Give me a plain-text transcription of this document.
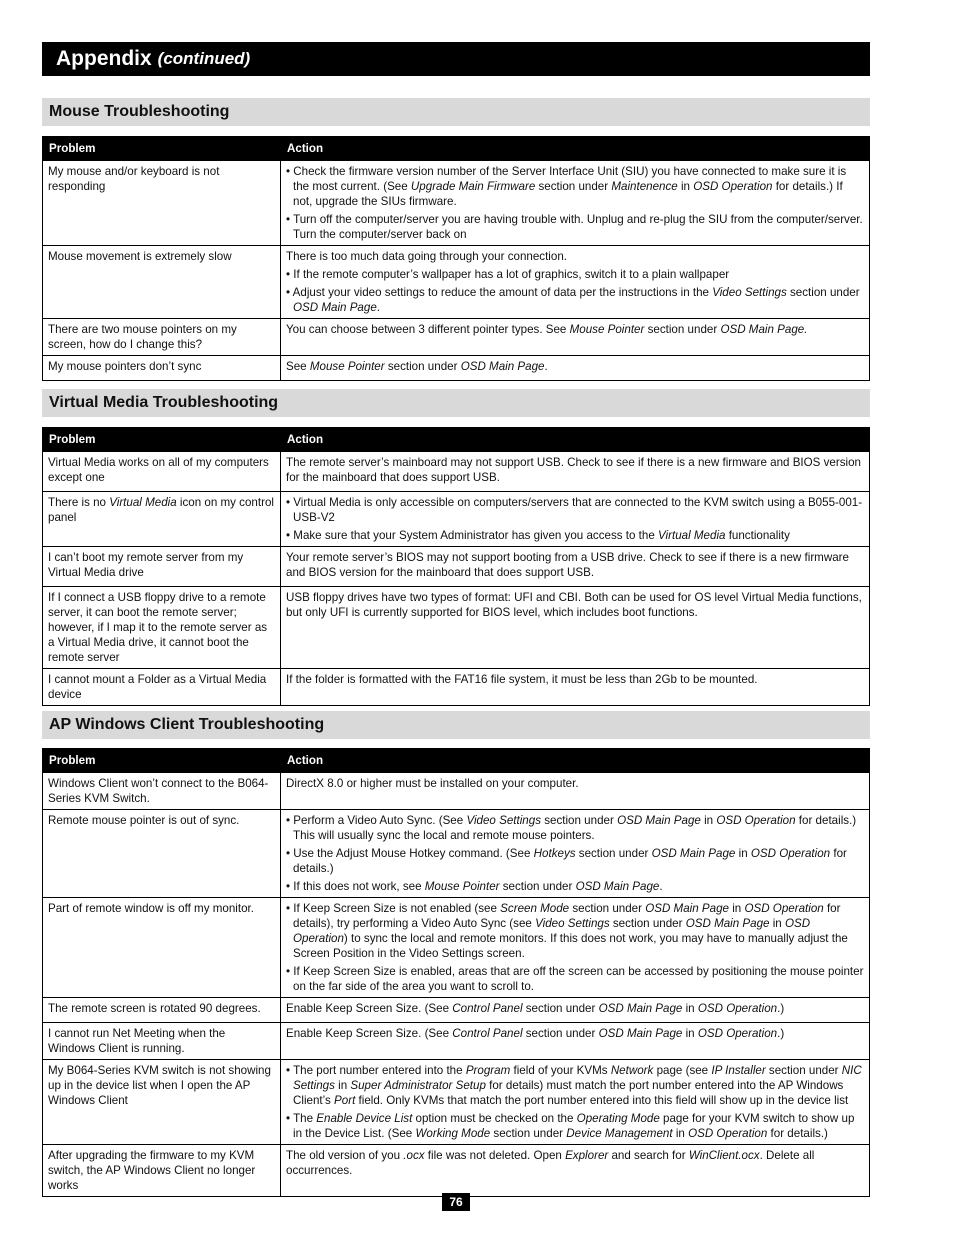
Appendix (continued)
Mouse Troubleshooting
Problem	Action
My mouse and/or keyboard is not responding	• Check the firmware version number of the Server Interface Unit (SIU) you have connected to make sure it is the most current. (See Upgrade Main Firmware section under Maintenence in OSD Operation for details.) If not, upgrade the SIUs firmware.
• Turn off the computer/server you are having trouble with. Unplug and re-plug the SIU from the computer/server. Turn the computer/server back on

Mouse movement is extremely slow	There is too much data going through your connection.
• If the remote computer’s wallpaper has a lot of graphics, switch it to a plain wallpaper
• Adjust your video settings to reduce the amount of data per the instructions in the Video Settings section under OSD Main Page.

There are two mouse pointers on my screen, how do I change this?	You can choose between 3 different pointer types. See Mouse Pointer section under OSD Main Page.

My mouse pointers don’t sync	See Mouse Pointer section under OSD Main Page.
Virtual Media Troubleshooting
Problem	Action
Virtual Media works on all of my computers except one	The remote server’s mainboard may not support USB. Check to see if there is a new firmware and BIOS version for the mainboard that does support USB.

There is no Virtual Media icon on my control panel	• Virtual Media is only accessible on computers/servers that are connected to the KVM switch using a B055-001-USB-V2
• Make sure that your System Administrator has given you access to the Virtual Media functionality

I can’t boot my remote server from my Virtual Media drive	Your remote server’s BIOS may not support booting from a USB drive. Check to see if there is a new firmware and BIOS version for the mainboard that does support USB.

If I connect a USB floppy drive to a remote server, it can boot the remote server; however, if I map it to the remote server as a Virtual Media drive, it cannot boot the remote server	USB floppy drives have two types of format: UFI and CBI. Both can be used for OS level Virtual Media functions, but only UFI is currently supported for BIOS level, which includes boot functions.

I cannot mount a Folder as a Virtual Media device	If the folder is formatted with the FAT16 file system, it must be less than 2Gb to be mounted.
AP Windows Client Troubleshooting
Problem	Action
Windows Client won’t connect to the B064-Series KVM Switch.	DirectX 8.0 or higher must be installed on your computer.

Remote mouse pointer is out of sync.	• Perform a Video Auto Sync. (See Video Settings section under OSD Main Page in OSD Operation for details.) This will usually sync the local and remote mouse pointers.
• Use the Adjust Mouse Hotkey command. (See Hotkeys section under OSD Main Page in OSD Operation for details.)
• If this does not work, see Mouse Pointer section under OSD Main Page.

Part of remote window is off my monitor.	• If Keep Screen Size is not enabled (see Screen Mode section under OSD Main Page in OSD Operation for details), try performing a Video Auto Sync (see Video Settings section under OSD Main Page in OSD Operation) to sync the local and remote monitors. If this does not work, you may have to manually adjust the Screen Position in the Video Settings screen.
• If Keep Screen Size is enabled, areas that are off the screen can be accessed by positioning the mouse pointer on the far side of the area you want to scroll to.

The remote screen is rotated 90 degrees.	Enable Keep Screen Size. (See Control Panel section under OSD Main Page in OSD Operation.)

I cannot run Net Meeting when the Windows Client is running.	Enable Keep Screen Size. (See Control Panel section under OSD Main Page in OSD Operation.)

My B064-Series KVM switch is not showing up in the device list when I open the AP Windows Client	• The port number entered into the Program field of your KVMs Network page (see IP Installer section under NIC Settings in Super Administrator Setup for details) must match the port number entered into the AP Windows Client’s Port field. Only KVMs that match the port number entered into this field will show up in the device list
• The Enable Device List option must be checked on the Operating Mode page for your KVM switch to show up in the Device List. (See Working Mode section under Device Management in OSD Operation for details.)

After upgrading the firmware to my KVM switch, the AP Windows Client no longer works	The old version of you .ocx file was not deleted. Open Explorer and search for WinClient.ocx. Delete all occurrences.
76
